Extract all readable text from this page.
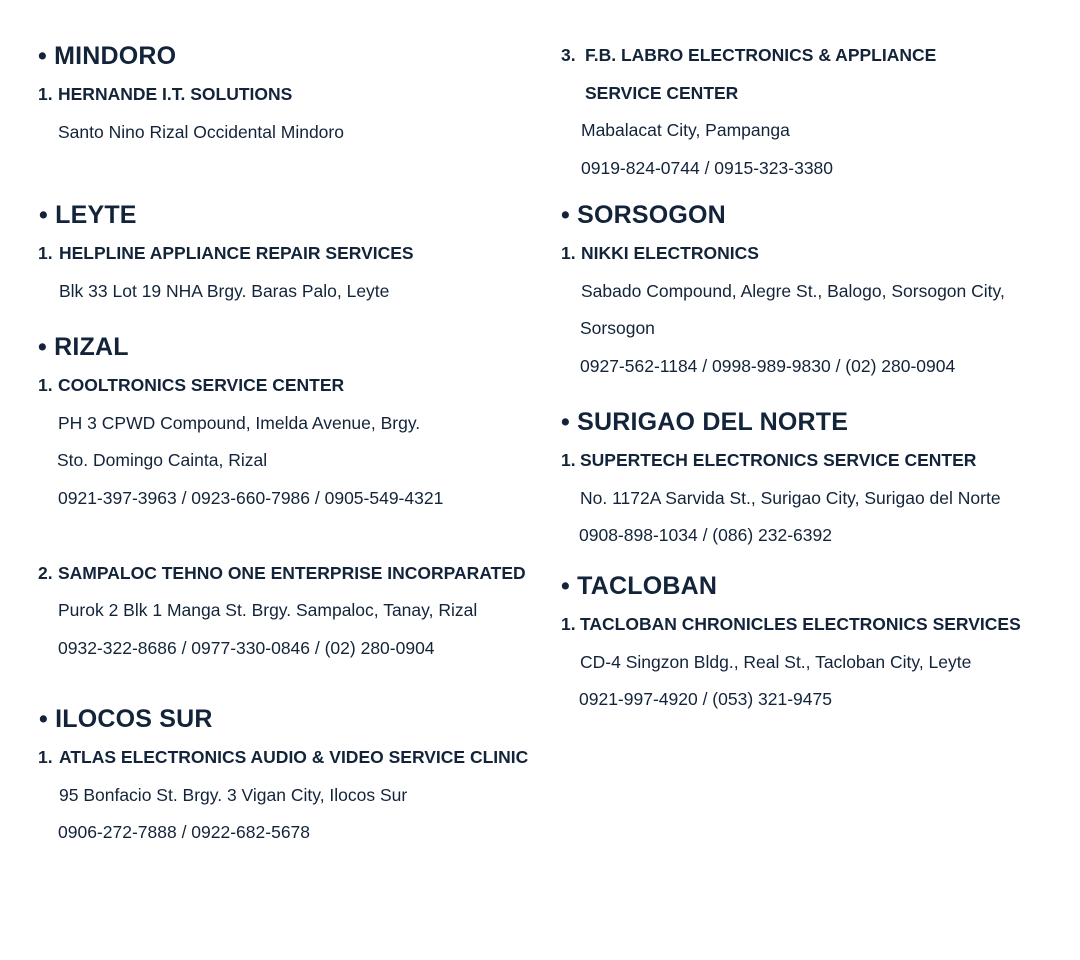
• MINDORO
1. HERNANDE I.T. SOLUTIONS
Santo Nino Rizal Occidental Mindoro
• LEYTE
1. HELPLINE APPLIANCE REPAIR SERVICES
Blk 33 Lot 19 NHA Brgy. Baras Palo, Leyte
• RIZAL
1. COOLTRONICS SERVICE CENTER
PH 3 CPWD Compound, Imelda Avenue, Brgy.
Sto. Domingo Cainta, Rizal
0921-397-3963 / 0923-660-7986 / 0905-549-4321
2. SAMPALOC TEHNO ONE ENTERPRISE INCORPARATED
Purok 2 Blk 1 Manga St. Brgy. Sampaloc, Tanay, Rizal
0932-322-8686 / 0977-330-0846 / (02) 280-0904
• ILOCOS SUR
1. ATLAS ELECTRONICS AUDIO & VIDEO SERVICE CLINIC
95 Bonfacio St. Brgy. 3 Vigan City, Ilocos Sur
0906-272-7888 / 0922-682-5678
3. F.B. LABRO ELECTRONICS & APPLIANCE
SERVICE CENTER
Mabalacat City, Pampanga
0919-824-0744 / 0915-323-3380
• SORSOGON
1. NIKKI ELECTRONICS
Sabado Compound, Alegre St., Balogo, Sorsogon City,
Sorsogon
0927-562-1184 / 0998-989-9830 / (02) 280-0904
• SURIGAO DEL NORTE
1. SUPERTECH ELECTRONICS SERVICE CENTER
No. 1172A Sarvida St., Surigao City, Surigao del Norte
0908-898-1034 / (086) 232-6392
• TACLOBAN
1. TACLOBAN CHRONICLES ELECTRONICS SERVICES
CD-4 Singzon Bldg., Real St., Tacloban City, Leyte
0921-997-4920 / (053) 321-9475
